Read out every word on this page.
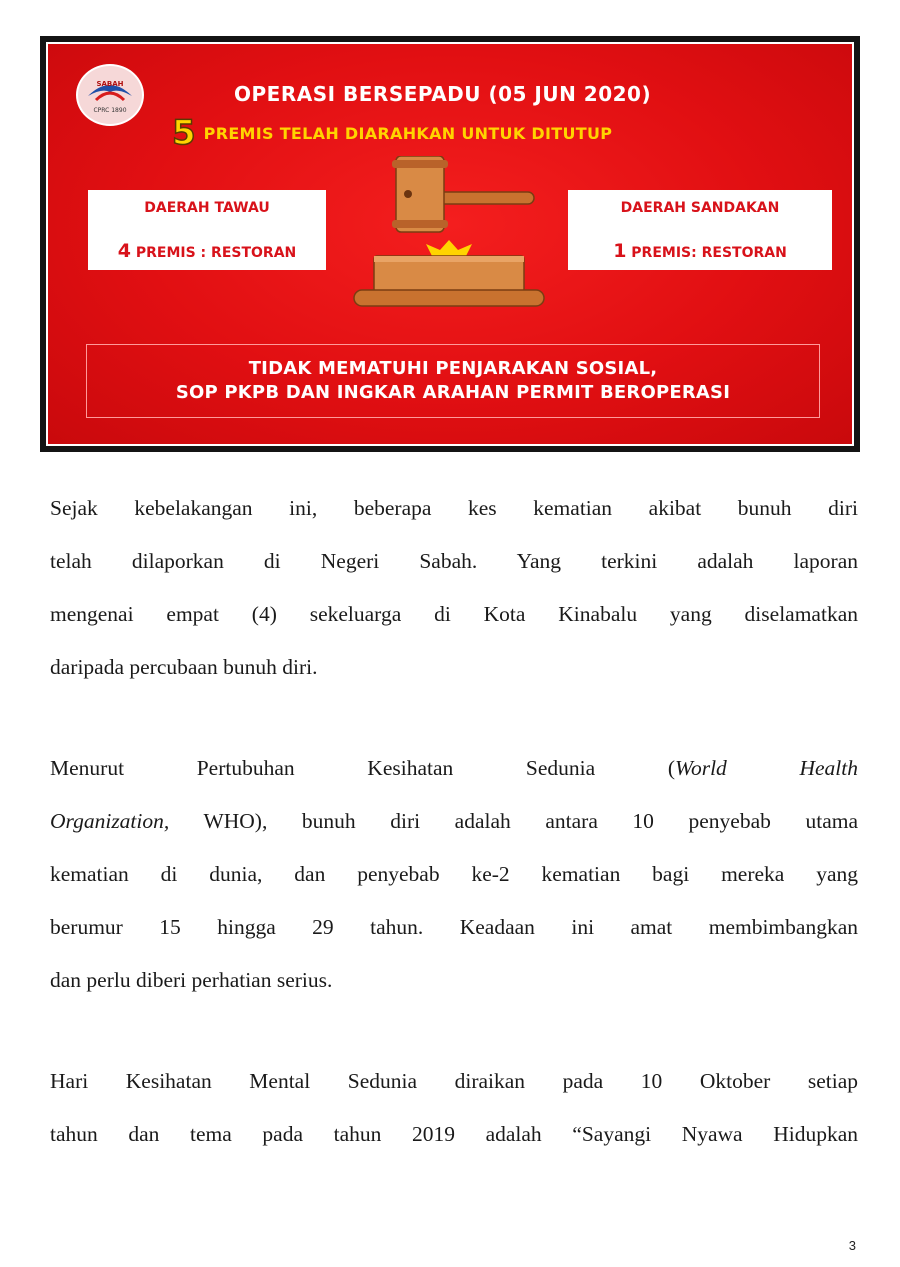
SABAH
CPRC 1890
OPERASI BERSEPADU (05 JUN 2020)
5 PREMIS TELAH DIARAHKAN UNTUK DITUTUP
DAERAH TAWAU
4 PREMIS : RESTORAN
DAERAH SANDAKAN
1 PREMIS: RESTORAN
TIDAK MEMATUHI PENJARAKAN SOSIAL,
SOP PKPB DAN INGKAR ARAHAN PERMIT BEROPERASI

Sejak kebelakangan ini, beberapa kes kematian akibat bunuh diri
telah dilaporkan di Negeri Sabah. Yang terkini adalah laporan
mengenai empat (4) sekeluarga di Kota Kinabalu yang diselamatkan
daripada percubaan bunuh diri.

Menurut Pertubuhan Kesihatan Sedunia (World Health
Organization, WHO), bunuh diri adalah antara 10 penyebab utama
kematian di dunia, dan penyebab ke-2 kematian bagi mereka yang
berumur 15 hingga 29 tahun. Keadaan ini amat membimbangkan
dan perlu diberi perhatian serius.

Hari Kesihatan Mental Sedunia diraikan pada 10 Oktober setiap
tahun dan tema pada tahun 2019 adalah “Sayangi Nyawa Hidupkan

3
